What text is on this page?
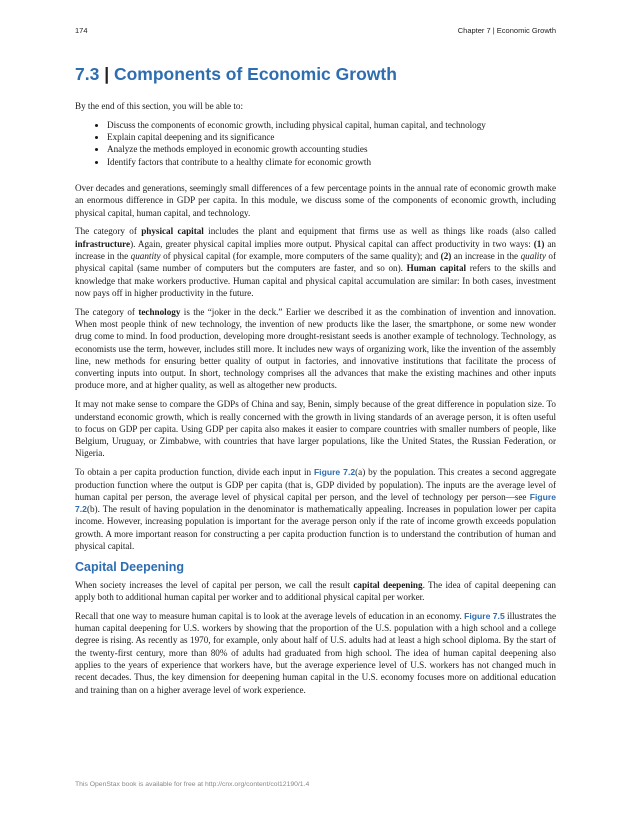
174	Chapter 7 | Economic Growth
7.3 | Components of Economic Growth

By the end of this section, you will be able to:

• Discuss the components of economic growth, including physical capital, human capital, and technology
• Explain capital deepening and its significance
• Analyze the methods employed in economic growth accounting studies
• Identify factors that contribute to a healthy climate for economic growth

Over decades and generations, seemingly small differences of a few percentage points in the annual rate of economic growth make an enormous difference in GDP per capita. In this module, we discuss some of the components of economic growth, including physical capital, human capital, and technology.

The category of physical capital includes the plant and equipment that firms use as well as things like roads (also called infrastructure). Again, greater physical capital implies more output. Physical capital can affect productivity in two ways: (1) an increase in the quantity of physical capital (for example, more computers of the same quality); and (2) an increase in the quality of physical capital (same number of computers but the computers are faster, and so on). Human capital refers to the skills and knowledge that make workers productive. Human capital and physical capital accumulation are similar: In both cases, investment now pays off in higher productivity in the future.

The category of technology is the “joker in the deck.” Earlier we described it as the combination of invention and innovation. When most people think of new technology, the invention of new products like the laser, the smartphone, or some new wonder drug come to mind. In food production, developing more drought-resistant seeds is another example of technology. Technology, as economists use the term, however, includes still more. It includes new ways of organizing work, like the invention of the assembly line, new methods for ensuring better quality of output in factories, and innovative institutions that facilitate the process of converting inputs into output. In short, technology comprises all the advances that make the existing machines and other inputs produce more, and at higher quality, as well as altogether new products.

It may not make sense to compare the GDPs of China and say, Benin, simply because of the great difference in population size. To understand economic growth, which is really concerned with the growth in living standards of an average person, it is often useful to focus on GDP per capita. Using GDP per capita also makes it easier to compare countries with smaller numbers of people, like Belgium, Uruguay, or Zimbabwe, with countries that have larger populations, like the United States, the Russian Federation, or Nigeria.

To obtain a per capita production function, divide each input in Figure 7.2(a) by the population. This creates a second aggregate production function where the output is GDP per capita (that is, GDP divided by population). The inputs are the average level of human capital per person, the average level of physical capital per person, and the level of technology per person—see Figure 7.2(b). The result of having population in the denominator is mathematically appealing. Increases in population lower per capita income. However, increasing population is important for the average person only if the rate of income growth exceeds population growth. A more important reason for constructing a per capita production function is to understand the contribution of human and physical capital.

Capital Deepening

When society increases the level of capital per person, we call the result capital deepening. The idea of capital deepening can apply both to additional human capital per worker and to additional physical capital per worker.

Recall that one way to measure human capital is to look at the average levels of education in an economy. Figure 7.5 illustrates the human capital deepening for U.S. workers by showing that the proportion of the U.S. population with a high school and a college degree is rising. As recently as 1970, for example, only about half of U.S. adults had at least a high school diploma. By the start of the twenty-first century, more than 80% of adults had graduated from high school. The idea of human capital deepening also applies to the years of experience that workers have, but the average experience level of U.S. workers has not changed much in recent decades. Thus, the key dimension for deepening human capital in the U.S. economy focuses more on additional education and training than on a higher average level of work experience.

This OpenStax book is available for free at http://cnx.org/content/col12190/1.4
